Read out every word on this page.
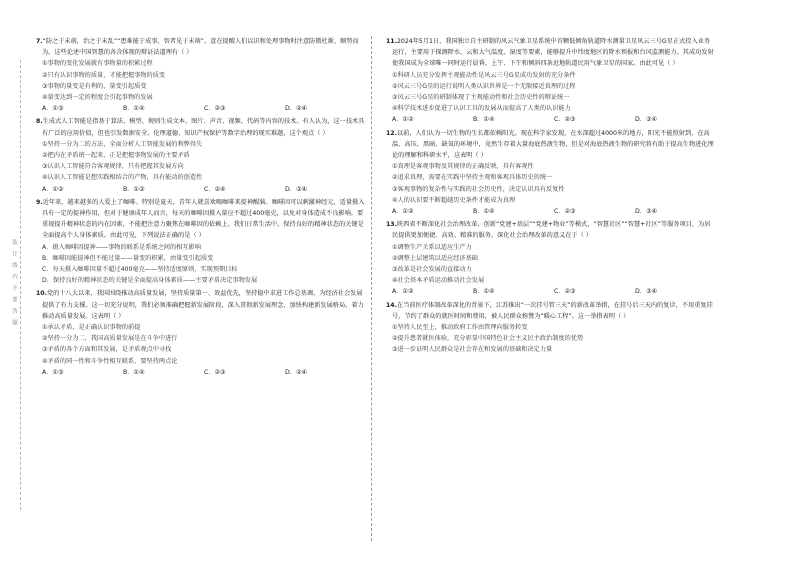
装订线内不要答题

7.“防之于未萌，治之于未乱”“患难能于成事，智者见于未萌”。意在提醒人们以识和处理事物时注意防微杜渐、顺势而为。这些论述中国智慧的各含体现的辩证法道理有（ ）

①事物的变化发展就有事物量的积累过程

②只有认识事物的质量，才能把握事物的质变

③事物的量变是有利的，量变引起质变

④量变达到一定的程度会引起事物的发展

A．①③	B．①④	C．②③	D．②④

8.生成式人工智能是指基于算法、模型、规则生成文本、图片、声音、视频、代码等内容的技术。有人认为，这一技术具有广泛的应用价值，但也引发数据安全、伦理道德、知识产权保护等数字治理的现实难题，这个观点（ ）

①坚持一分为二的方法，全面分析人工智能发展的利弊得失

②把内在矛盾统一起来，正是把握事物发展的主要矛盾

③认识人工智能符合客观规律，只有把握其发展方向

④认识人工智能是想实践相结合的产物，具有能动的创造性

A．①②	B．①③	C．②④	D．③④

9.近年来，越来越多的人爱上了咖啡。特别是夏天，青年人就喜欢喝咖啡来提神醒脑。咖啡因可以刺激神经元，适量摄入具有一定的提神作用，但对于健康成年人而言，每天的咖啡因摄入量应不超过400毫克，以免对身体造成不良影响。要重视提升精神状态的内在因素，不能把注意力聚焦在咖啡因的依赖上。我们日常生活中，保持良好的精神状态的关键是全面提高个人身体素质。由此可见，下列说法正确的是（ ）

A．摄入咖啡因提神——事物的联系是系统之间的相互影响

B．咖啡因能提神但不能过量——量变的积累，由量变引起质变

C．每天摄入咖啡因量不超过400毫克——坚持适度原则，实现预期目标

D．保持良好的精神状态的关键是全面提高身体素质——主要矛盾决定事物发展

10.党的十八大以来，我国围绕推动高质量发展，坚持质量第一、效益优先，坚持稳中求进工作总基调，为经济社会发展提供了有力支撑。这一切充分说明，我们必须准确把握新发展阶段，深入贯彻新发展理念，加快构建新发展格局，着力推动高质量发展。这表明（ ）

①承认矛盾，是正确认识事物的前提

②坚持一分为二，我国高质量发展是在斗争中进行

③矛盾的各个方面和其发展，是矛盾观点中寻找

④矛盾的同一性和斗争性相互联系，要坚持两点论

A．①③	B．①④	C．②③	D．②④

11.2024年5月1日，我国独立自主研制的风云气象卫星系统中首颗低倾角轨道降水测量卫星风云三号G星正式投入业务运行，主要用于探测降水、云和大气温度、湿度等要素，能够提升中纬度地区的降水预报和台风监测能力。其成功发射使我国成为全球唯一同时运行晨昏、上午、下午和倾斜四条近地轨道民用气象卫星的国家。由此可见（ ）

①科研人员充分发挥主观能动性是风云三号G星成功发射的充分条件

②风云三号G星的运行说明人类认识世界是一个无限接近真理的过程

③风云三号G星的研制体现了主观能动性和社会历史性的辩证统一

④科学技术进步促进了认识工具的发展从而提高了人类的认识能力

A．①②	B．①④	C．②③	D．③④

12.以前，人们认为一切生物的生长都依赖阳光。现在科学家发现，在水深超过4000米的地方，阳光不能照射到，在高温、高压、黑暗、缺氧的环境中，竟然生存着大量海底热液生物，但是对海底热液生物的研究将有助于提高生物进化理论的理解和科研水平，这表明（ ）

①真理是客观事物及其规律的正确反映，具有客观性

②追求真理，需要在实践中坚持主观和客观具体历史的统一

③客观事物的复杂性与实践的社会历史性，决定认识具有反复性

④人的认识要不断超越历史条件才能成为真理

A．①②	B．①④	C．②③	D．③④

13.陕西省不断深化社会治理改革，创新“党建+基层”“党建+物业”等模式，“智慧社区”“智慧+社区”等服务项目，为居民提供更加便捷、高效、精准的服务。深化社会治理改革的意义在于（ ）

①调整生产关系以适应生产力

②调整上层建筑以适应经济基础

③改革是社会发展的直接动力

④社会基本矛盾运动推动社会发展

A．①②	B．①④	C．②③	D．③④

14.在当前医疗体制改革深化的背景下，江苏推出“一次挂号管三天”的新改革举措，在挂号后三天内的复诊，不用重复挂号，节约了群众的就医时间和费用，被人民群众称赞为“暖心工程”。这一举措表明（ ）

①坚持人民至上，推动政府工作由管理向服务转变

②提升患者就医体验，充分彰显中国特色社会主义民主政治制度的优势

③进一步证明人民群众是社会存在和发展的基础和决定力量
